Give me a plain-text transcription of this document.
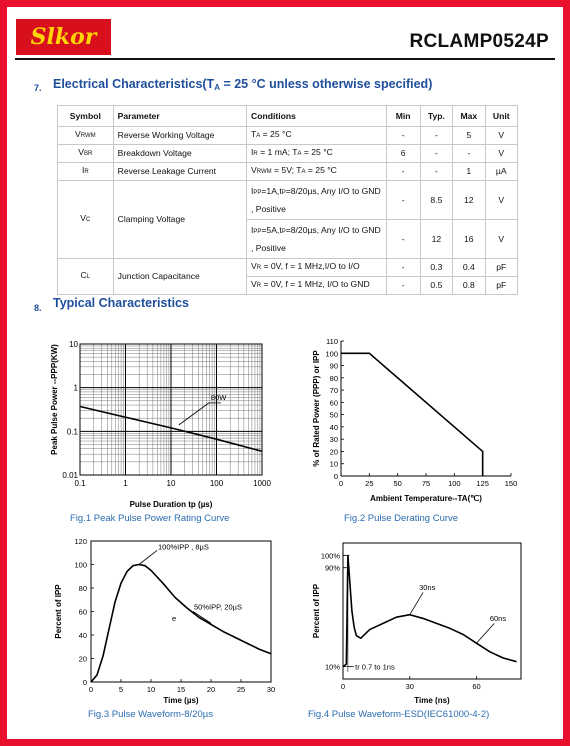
Slkor	RCLAMP0524P
7. Electrical $Characteristics(T_A = 25$ °C unless otherwise specified)
Symbol	Parameter	Conditions	Min	Typ.	Max	Unit
VRWM	Reverse Working Voltage	TA = 25 °C	-	-	5	V
VBR	Breakdown Voltage	IR = 1 mA; TA = 25 °C	6	-	-	V
IR	Reverse Leakage Current	VRWM = 5V; TA = 25 °C	-	-	1	µA
VC	Clamping Voltage	IPP=1A,tP=8/20µs, Any I/O to GND , Positive	-	8.5	12	V
		IPP=5A,tP=8/20µs, Any I/O to GND , Positive	-	12	16	V
CL	Junction Capacitance	VR = 0V, f = 1 MHz,I/O to I/O	-	0.3	0.4	pF
		VR = 0V, f = 1 MHz, I/O to GND	-	0.5	0.8	pF
8. Typical Characteristics
0.1	1	10	100	1000
0.01
0.1
1
10
80W
Pulse Duration tp (µs)
Peak Pulse Power --PPP(KW)
Fig.1 Peak Pulse Power Rating Curve
0
10
20
30
40
50
60
70
80
90
100
110
0	25	50	75 100 125 150
Ambient Temperature--TA(℃)
% of Rated Power (PPP) or IPP
Fig.2 Pulse Derating Curve
0
20
40
60
80
100
120
0	5	10	15	20	25	30
100%IPP , 8µS
50%IPP, 20µS
e
Time (µs)
Percent of IPP
Fig.3 Pulse Waveform-8/20µs
10%
90%
100%
0	30	60
30ns
60ns
tr 0.7 to 1ns
Time (ns)
Percent of IPP
Fig.4 Pulse Waveform-ESD(IEC61000-4-2)
